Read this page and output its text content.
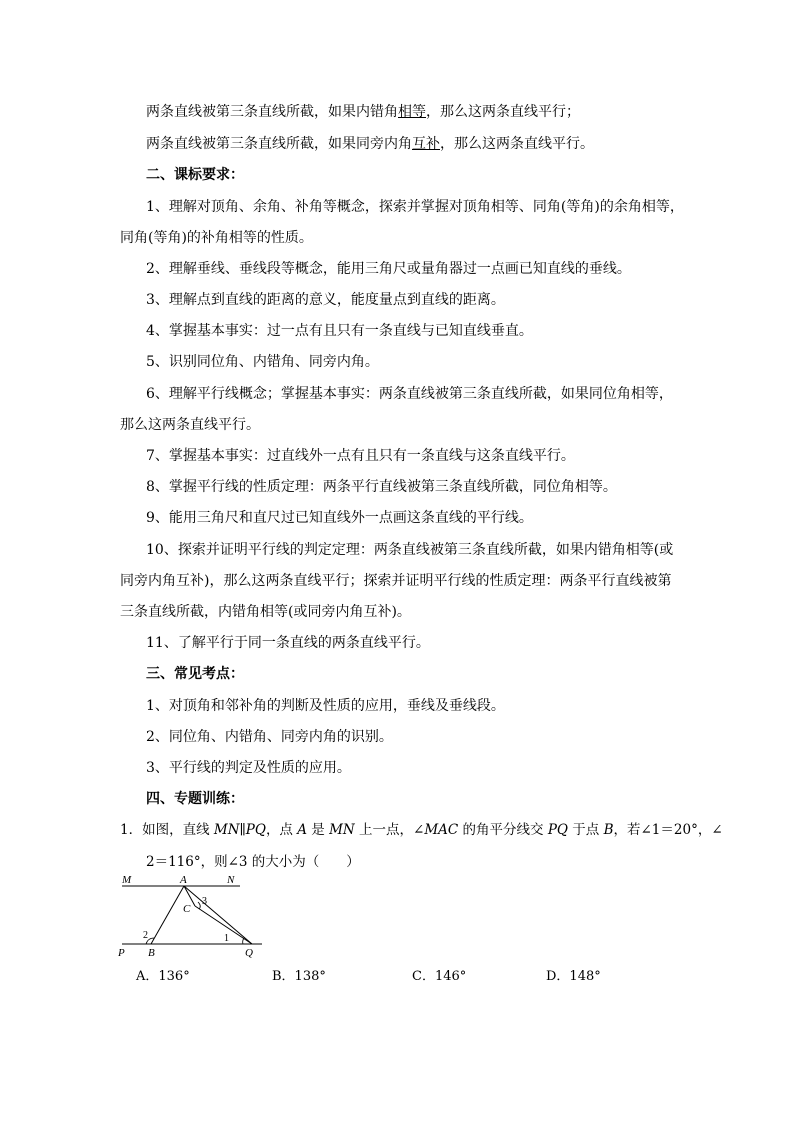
两条直线被第三条直线所截，如果内错角相等，那么这两条直线平行；

两条直线被第三条直线所截，如果同旁内角互补，那么这两条直线平行。

二、课标要求：

1、理解对顶角、余角、补角等概念，探索并掌握对顶角相等、同角(等角)的余角相等，

同角(等角)的补角相等的性质。

2、理解垂线、垂线段等概念，能用三角尺或量角器过一点画已知直线的垂线。

3、理解点到直线的距离的意义，能度量点到直线的距离。

4、掌握基本事实：过一点有且只有一条直线与已知直线垂直。

5、识别同位角、内错角、同旁内角。

6、理解平行线概念；掌握基本事实：两条直线被第三条直线所截，如果同位角相等，

那么这两条直线平行。

7、掌握基本事实：过直线外一点有且只有一条直线与这条直线平行。

8、掌握平行线的性质定理：两条平行直线被第三条直线所截，同位角相等。

9、能用三角尺和直尺过已知直线外一点画这条直线的平行线。

10、探索并证明平行线的判定定理：两条直线被第三条直线所截，如果内错角相等(或

同旁内角互补)，那么这两条直线平行；探索并证明平行线的性质定理：两条平行直线被第

三条直线所截，内错角相等(或同旁内角互补)。

11、了解平行于同一条直线的两条直线平行。

三、常见考点：

1、对顶角和邻补角的判断及性质的应用，垂线及垂线段。

2、同位角、内错角、同旁内角的识别。

3、平行线的判定及性质的应用。

四、专题训练：

1．如图，直线 MN∥PQ，点 A 是 MN 上一点，∠MAC 的角平分线交 PQ 于点 B，若∠1＝20°，∠

2＝116°，则∠3 的大小为（　　）

M	A	N
C
3
2	1
P B	Q
A．136°	B．138°	C．146°	D．148°
